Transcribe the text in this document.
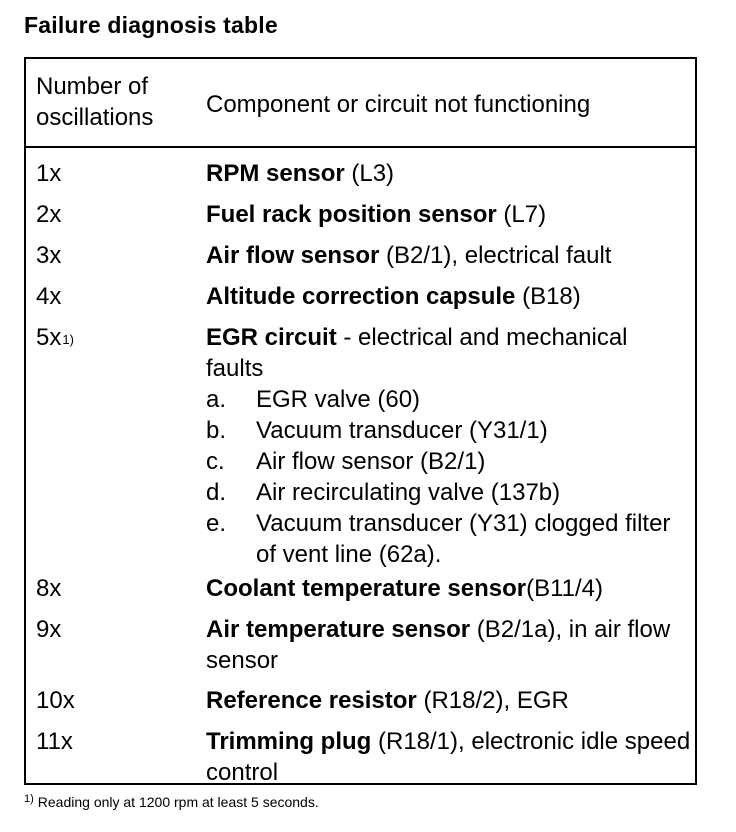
Failure diagnosis table
Number of
oscillations	Component or circuit not functioning
1x	RPM sensor (L3)
2x	Fuel rack position sensor (L7)
3x	Air flow sensor (B2/1), electrical fault
4x	Altitude correction capsule (B18)
$5x^{1)}$	EGR circuit - electrical and mechanical faults
a. EGR valve (60)
b. Vacuum transducer (Y31/1)
c. Air flow sensor (B2/1)
d. Air recirculating valve (137b)
e. Vacuum transducer (Y31) clogged filter of vent line (62a).
8x	Coolant temperature sensor(B11/4)
9x	Air temperature sensor (B2/1a), in air flow sensor
10x	Reference resistor (R18/2), EGR
11x	Trimming plug (R18/1), electronic idle speed control
$^{1)}$ Reading only at 1200 rpm at least 5 seconds.
